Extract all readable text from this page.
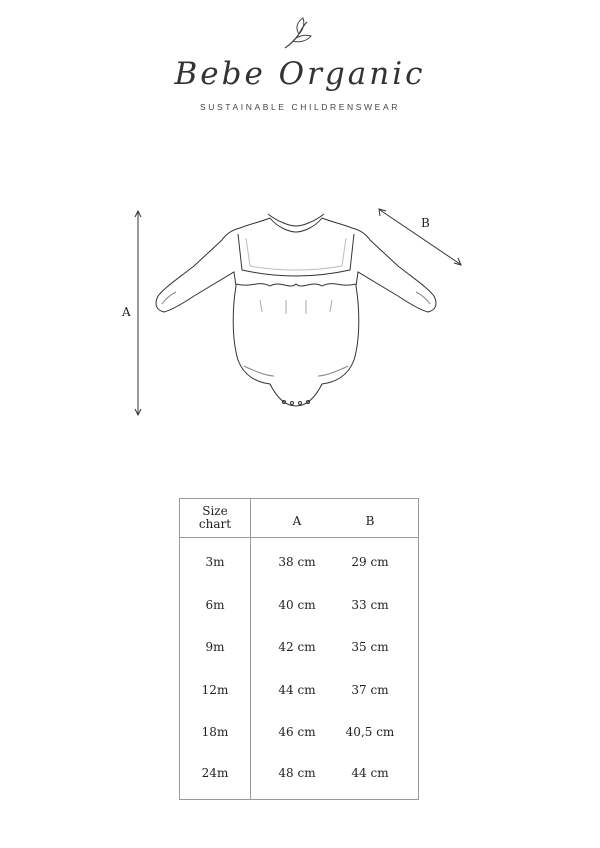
Bebe Organic
SUSTAINABLE CHILDRENSWEAR
A
B
Size
chart	A	B
3m	38 cm	29 cm
6m	40 cm	33 cm
9m	42 cm	35 cm
12m	44 cm	37 cm
18m	46 cm	40,5 cm
24m	48 cm	44 cm
